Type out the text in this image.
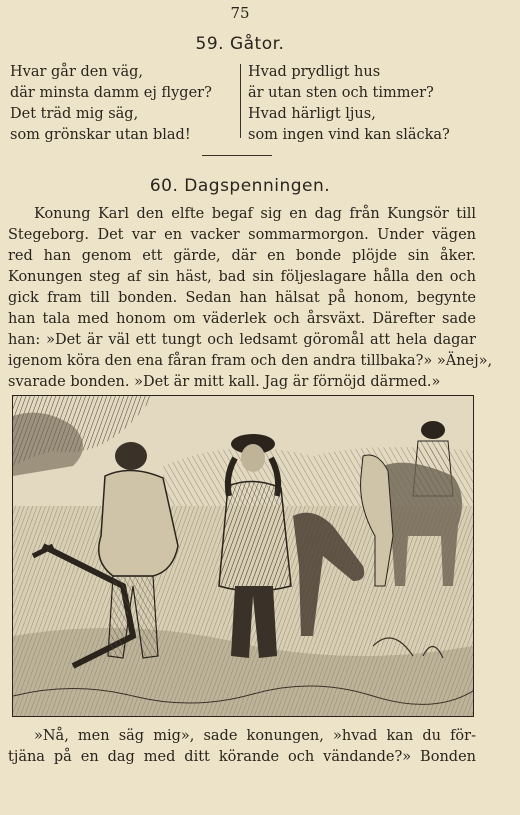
75
59. Gåtor.
Hvar går den väg,
där minsta damm ej flyger?
Det träd mig säg,
som grönskar utan blad!
Hvad prydligt hus
är utan sten och timmer?
Hvad härligt ljus,
som ingen vind kan släcka?
60. Dagspenningen.
Konung Karl den elfte begaf sig en dag från Kungsör till
Stegeborg. Det var en vacker sommarmorgon. Under vägen
red han genom ett gärde, där en bonde plöjde sin åker.
Konungen steg af sin häst, bad sin följeslagare hålla den och
gick fram till bonden. Sedan han hälsat på honom, begynte
han tala med honom om väderlek och årsväxt. Därefter sade
han: »Det är väl ett tungt och ledsamt göromål att hela dagar
igenom köra den ena fåran fram och den andra tillbaka?» »Änej»,
svarade bonden. »Det är mitt kall. Jag är förnöjd därmed.»
»Nå, men säg mig», sade konungen, »hvad kan du för-
tjäna på en dag med ditt körande och vändande?» Bonden
